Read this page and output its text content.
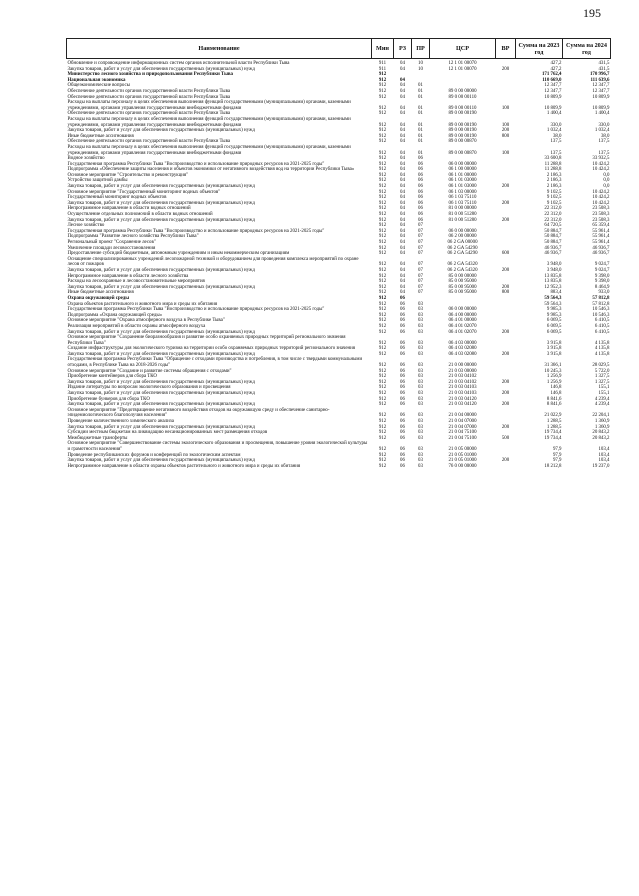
195
Наименование	Мин	РЗ	ПР	ЦСР	ВР	Сумма на 2023 год	Сумма на 2024 год

Обновление и сопровождение информационных систем органов исполнительной власти Республики Тыва	911	04	10	12 1 01 00070		427,2	431,5
Закупка товаров, работ и услуг для обеспечения государственных (муниципальных) нужд	911	04	10	12 1 01 00070	200	427,2	431,5
Министерство лесного хозяйства и природопользования Республики Тыва	912					171 762,4	170 996,7
Национальная экономика	912	04				110 669,0	111 639,6
Общеэкономические вопросы	912	04	01			12 347,7	12 347,7
Обеспечение деятельности органов государственной власти Республики Тыва	912	04	01	89 0 00 00000		12 347,7	12 347,7
Обеспечение деятельности органов государственной власти Республики Тыва	912	04	01	89 0 00 00110		10 809,9	10 809,9
Расходы на выплаты персоналу в целях обеспечения выполнения функций государственными (муниципальными) органами, казенными учреждениями, органами управления государственными внебюджетными фондами	912	04	01	89 0 00 00110	100	10 809,9	10 809,9
Обеспечение деятельности органов государственной власти Республики Тыва	912	04	01	89 0 00 00190		1 400,4	1 400,4
Расходы на выплаты персоналу в целях обеспечения выполнения функций государственными (муниципальными) органами, казенными учреждениями, органами управления государственными внебюджетными фондами	912	04	01	89 0 00 00190	100	330,0	330,0
Закупка товаров, работ и услуг для обеспечения государственных (муниципальных) нужд	912	04	01	89 0 00 00190	200	1 032,4	1 032,4
Иные бюджетные ассигнования	912	04	01	89 0 00 00190	800	38,0	38,0
Обеспечение деятельности органов государственной власти Республики Тыва	912	04	01	89 0 00 00870		137,5	137,5
Расходы на выплаты персоналу в целях обеспечения выполнения функций государственными (муниципальными) органами, казенными учреждениями, органами управления государственными внебюджетными фондами	912	04	01	89 0 00 00870	100	137,5	137,5
Водное хозяйство	912	04	06			33 600,8	33 932,5
Государственная программа Республики Тыва "Воспроизводство и использование природных ресурсов на 2021-2025 годы"	912	04	06	06 0 00 00000		11 288,8	10 424,2
Подпрограмма «Обеспечение защиты населения и объектов экономики от негативного воздействия вод на территории Республики Тыва»	912	04	06	06 1 00 00000		11 288,8	10 424,2
Основное мероприятие "Строительство и реконструкция"	912	04	06	06 1 01 00000		2 186,3	0,0
Устройство защитной дамбы	912	04	06	06 1 01 03000		2 186,3	0,0
Закупка товаров, работ и услуг для обеспечения государственных (муниципальных) нужд	912	04	06	06 1 01 03000	200	2 186,3	0,0
Основное мероприятие "Государственный мониторинг водных объектов"	912	04	06	06 1 03 00000		9 102,5	10 424,2
Государственный мониторинг водных объектов	912	04	06	06 1 03 75110		9 102,5	10 424,2
Закупка товаров, работ и услуг для обеспечения государственных (муниципальных) нужд	912	04	06	06 1 03 75110	200	9 102,5	10 424,2
Непрограммное направление в области водных отношений	912	04	06	81 0 00 00000		22 312,0	23 508,3
Осуществление отдельных полномочий в области водных отношений	912	04	06	81 0 00 51280		22 312,0	23 508,3
Закупка товаров, работ и услуг для обеспечения государственных (муниципальных) нужд	912	04	06	81 0 00 51280	200	22 312,0	23 508,3
Лесное хозяйство	912	04	07			64 720,5	65 359,4
Государственная программа Республики Тыва "Воспроизводство и использование природных ресурсов на 2021-2025 годы"	912	04	07	06 0 00 00000		50 884,7	55 961,4
Подпрограмма "Развитие лесного хозяйства Республики Тыва"	912	04	07	06 2 00 00000		50 884,7	55 961,4
Региональный проект "Сохранение лесов"	912	04	07	06 2 GA 00000		50 884,7	55 961,4
Увеличение площади лесовосстановления	912	04	07	06 2 GA 54290		46 936,7	46 936,7
Предоставление субсидий бюджетным, автономным учреждениям и иным некоммерческим организациям	912	04	07	06 2 GA 54290	600	46 936,7	46 936,7
Оснащение специализированных учреждений лесопожарной техникой и оборудованием для проведения комплекса мероприятий по охране лесов от пожаров	912	04	07	06 2 GA 54320		3 948,0	9 024,7
Закупка товаров, работ и услуг для обеспечения государственных (муниципальных) нужд	912	04	07	06 2 GA 54320	200	3 948,0	9 024,7
Непрограммное направление в области лесного хозяйства	912	04	07	85 0 00 00000		13 835,8	9 398,0
Расходы на лесоохранные и лесовосстановительные мероприятия	912	04	07	85 0 00 95000		13 835,8	9 398,0
Закупка товаров, работ и услуг для обеспечения государственных (муниципальных) нужд	912	04	07	85 0 00 95000	200	12 952,3	8 464,9
Иные бюджетные ассигнования	912	04	07	85 0 00 95000	800	883,4	933,0
Охрана окружающей среды	912	06				59 564,3	57 812,8
Охрана объектов растительного и животного мира и среды их обитания	912	06	03			59 564,3	57 812,8
Государственная программа Республики Тыва "Воспроизводство и использование природных ресурсов на 2021-2025 годы"	912	06	03	06 0 00 00000		9 985,3	10 546,3
Подпрограмма «Охрана окружающей среды»	912	06	03	06 4 00 00000		9 985,3	10 546,3
Основное мероприятие "Охрана атмосферного воздуха в Республике Тыва"	912	06	03	06 4 01 00000		6 069,5	6 410,5
Реализация мероприятий в области охраны атмосферного воздуха	912	06	03	06 4 01 02070		6 069,5	6 410,5
Закупка товаров, работ и услуг для обеспечения государственных (муниципальных) нужд	912	06	03	06 4 01 02070	200	6 069,5	6 410,5
Основное мероприятие "Сохранение биоразнообразия и развитие особо охраняемых природных территорий регионального значения Республики Тыва"	912	06	03	06 4 03 00000		3 915,8	4 135,8
Создание инфраструктуры для экологического туризма на территории особо охраняемых природных территорий регионального значения	912	06	03	06 4 03 02080		3 915,8	4 135,8
Закупка товаров, работ и услуг для обеспечения государственных (муниципальных) нужд	912	06	03	06 4 03 02080	200	3 915,8	4 135,8
Государственная программа Республики Тыва "Обращение с отходами производства и потребления, в том числе с твердыми коммунальными отходами, в Республике Тыва на 2018-2026 годы"	912	06	03	21 0 00 00000		31 366,1	28 029,5
Основное мероприятие "Создание и развитие системы обращения с отходами"	912	06	03	21 0 03 00000		10 245,3	5 722,0
Приобретение контейнеров для сбора ТКО	912	06	03	21 0 03 04102		1 256,9	1 327,5
Закупка товаров, работ и услуг для обеспечения государственных (муниципальных) нужд	912	06	03	21 0 03 04102	200	1 256,9	1 327,5
Издание литературы по вопросам экологического образования и просвещения	912	06	03	21 0 03 04103		146,8	155,1
Закупка товаров, работ и услуг для обеспечения государственных (муниципальных) нужд	912	06	03	21 0 03 04103	200	146,8	155,1
Приобретение бункеров для сбора ТКО	912	06	03	21 0 03 04120		8 841,6	4 239,4
Закупка товаров, работ и услуг для обеспечения государственных (муниципальных) нужд	912	06	03	21 0 03 04120	200	8 841,6	4 239,4
Основное мероприятие "Предотвращение негативного воздействия отходов на окружающую среду и обеспечение санитарно-эпидемиологического благополучия населения"	912	06	03	21 0 04 00000		21 022,9	22 204,1
Проведение количественного химического анализа	912	06	03	21 0 04 07000		1 288,5	1 360,9
Закупка товаров, работ и услуг для обеспечения государственных (муниципальных) нужд	912	06	03	21 0 04 07000	200	1 288,5	1 360,9
Субсидии местным бюджетам на ликвидацию несанкционированных мест размещения отходов	912	06	03	21 0 04 75100		19 734,4	20 843,2
Межбюджетные трансферты	912	06	03	21 0 04 75100	500	19 734,4	20 843,2
Основное мероприятие "Совершенствование системы экологического образования и просвещения, повышение уровня экологической культуры и грамотности населения"	912	06	03	21 0 05 00000		97,9	103,4
Проведение республиканских форумов и конференций по экологическим аспектам	912	06	03	21 0 05 01000		97,9	103,4
Закупка товаров, работ и услуг для обеспечения государственных (муниципальных) нужд	912	06	03	21 0 05 01000	200	97,9	103,4
Непрограммное направление в области охраны объектов растительного и животного мира и среды их обитания	912	06	03	76 0 00 00000		18 212,8	19 237,0
